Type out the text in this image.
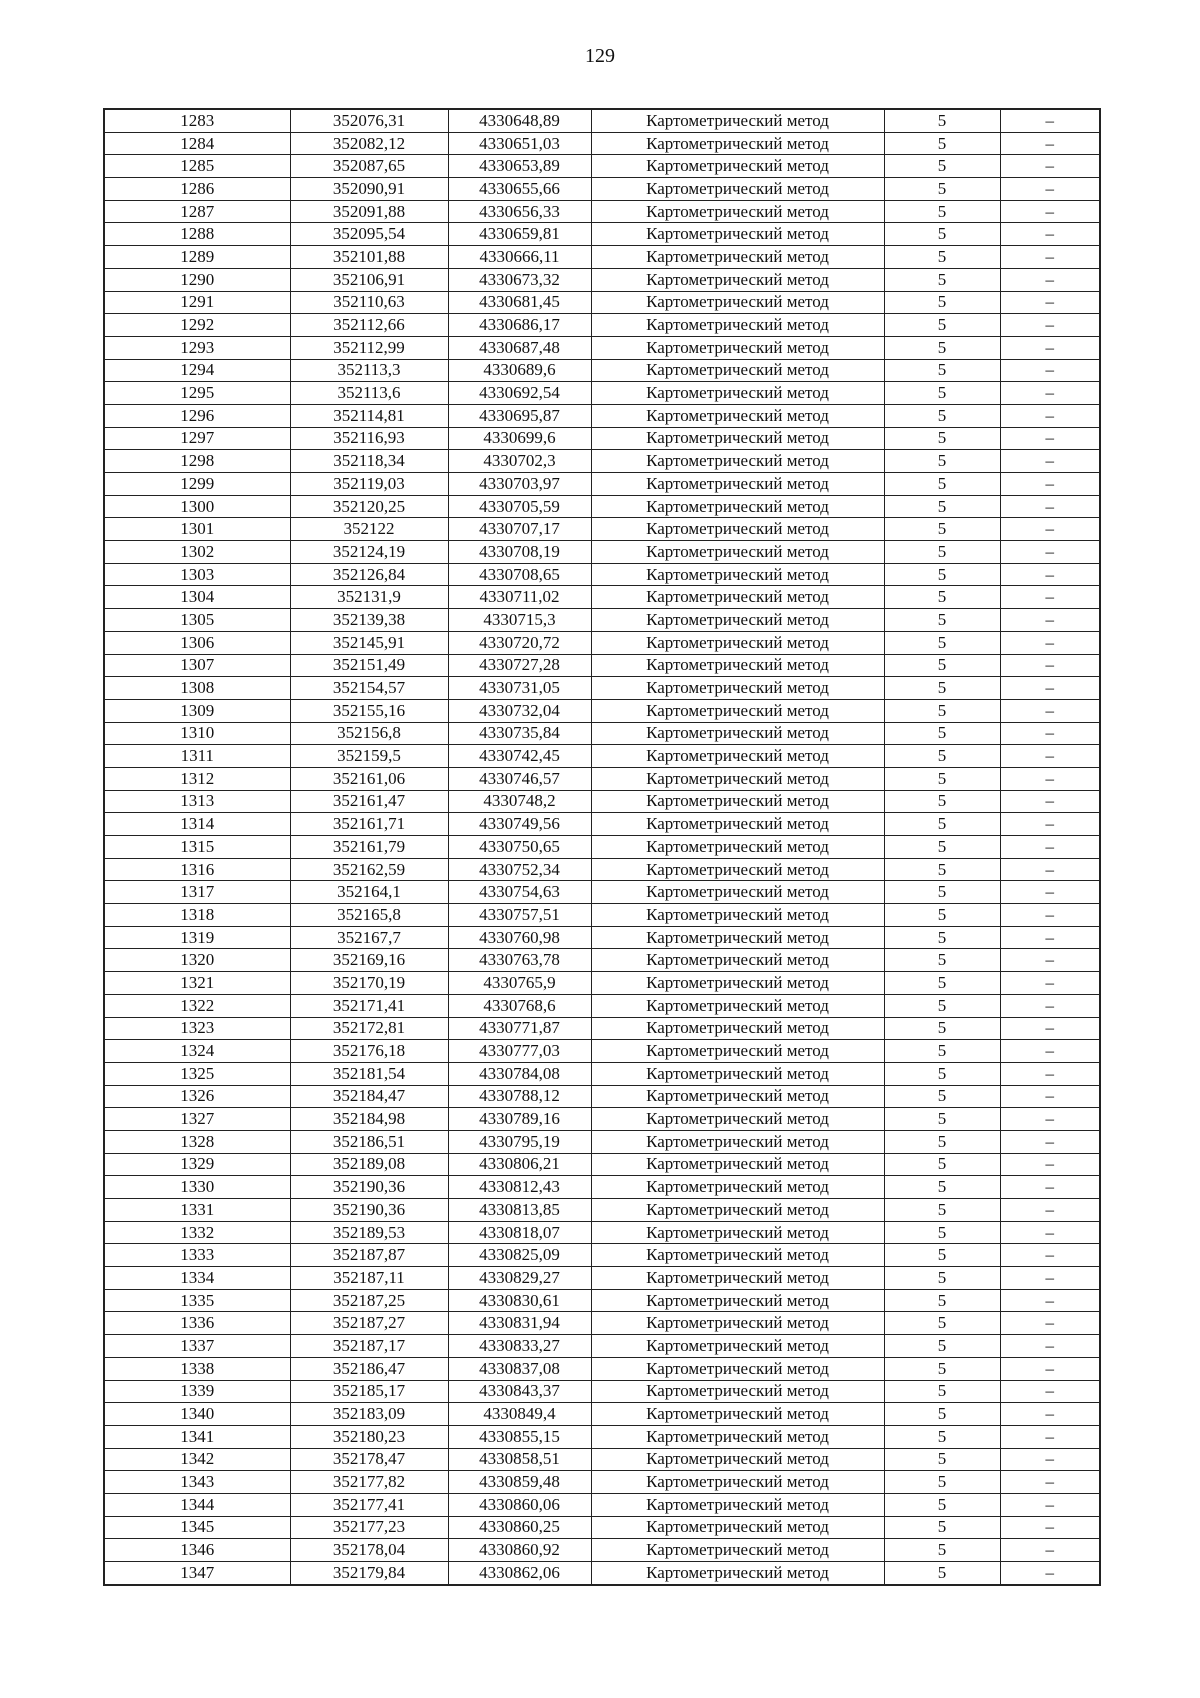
129
1283	352076,31	4330648,89	Картометрический метод	5	–
1284	352082,12	4330651,03	Картометрический метод	5	–
1285	352087,65	4330653,89	Картометрический метод	5	–
1286	352090,91	4330655,66	Картометрический метод	5	–
1287	352091,88	4330656,33	Картометрический метод	5	–
1288	352095,54	4330659,81	Картометрический метод	5	–
1289	352101,88	4330666,11	Картометрический метод	5	–
1290	352106,91	4330673,32	Картометрический метод	5	–
1291	352110,63	4330681,45	Картометрический метод	5	–
1292	352112,66	4330686,17	Картометрический метод	5	–
1293	352112,99	4330687,48	Картометрический метод	5	–
1294	352113,3	4330689,6	Картометрический метод	5	–
1295	352113,6	4330692,54	Картометрический метод	5	–
1296	352114,81	4330695,87	Картометрический метод	5	–
1297	352116,93	4330699,6	Картометрический метод	5	–
1298	352118,34	4330702,3	Картометрический метод	5	–
1299	352119,03	4330703,97	Картометрический метод	5	–
1300	352120,25	4330705,59	Картометрический метод	5	–
1301	352122	4330707,17	Картометрический метод	5	–
1302	352124,19	4330708,19	Картометрический метод	5	–
1303	352126,84	4330708,65	Картометрический метод	5	–
1304	352131,9	4330711,02	Картометрический метод	5	–
1305	352139,38	4330715,3	Картометрический метод	5	–
1306	352145,91	4330720,72	Картометрический метод	5	–
1307	352151,49	4330727,28	Картометрический метод	5	–
1308	352154,57	4330731,05	Картометрический метод	5	–
1309	352155,16	4330732,04	Картометрический метод	5	–
1310	352156,8	4330735,84	Картометрический метод	5	–
1311	352159,5	4330742,45	Картометрический метод	5	–
1312	352161,06	4330746,57	Картометрический метод	5	–
1313	352161,47	4330748,2	Картометрический метод	5	–
1314	352161,71	4330749,56	Картометрический метод	5	–
1315	352161,79	4330750,65	Картометрический метод	5	–
1316	352162,59	4330752,34	Картометрический метод	5	–
1317	352164,1	4330754,63	Картометрический метод	5	–
1318	352165,8	4330757,51	Картометрический метод	5	–
1319	352167,7	4330760,98	Картометрический метод	5	–
1320	352169,16	4330763,78	Картометрический метод	5	–
1321	352170,19	4330765,9	Картометрический метод	5	–
1322	352171,41	4330768,6	Картометрический метод	5	–
1323	352172,81	4330771,87	Картометрический метод	5	–
1324	352176,18	4330777,03	Картометрический метод	5	–
1325	352181,54	4330784,08	Картометрический метод	5	–
1326	352184,47	4330788,12	Картометрический метод	5	–
1327	352184,98	4330789,16	Картометрический метод	5	–
1328	352186,51	4330795,19	Картометрический метод	5	–
1329	352189,08	4330806,21	Картометрический метод	5	–
1330	352190,36	4330812,43	Картометрический метод	5	–
1331	352190,36	4330813,85	Картометрический метод	5	–
1332	352189,53	4330818,07	Картометрический метод	5	–
1333	352187,87	4330825,09	Картометрический метод	5	–
1334	352187,11	4330829,27	Картометрический метод	5	–
1335	352187,25	4330830,61	Картометрический метод	5	–
1336	352187,27	4330831,94	Картометрический метод	5	–
1337	352187,17	4330833,27	Картометрический метод	5	–
1338	352186,47	4330837,08	Картометрический метод	5	–
1339	352185,17	4330843,37	Картометрический метод	5	–
1340	352183,09	4330849,4	Картометрический метод	5	–
1341	352180,23	4330855,15	Картометрический метод	5	–
1342	352178,47	4330858,51	Картометрический метод	5	–
1343	352177,82	4330859,48	Картометрический метод	5	–
1344	352177,41	4330860,06	Картометрический метод	5	–
1345	352177,23	4330860,25	Картометрический метод	5	–
1346	352178,04	4330860,92	Картометрический метод	5	–
1347	352179,84	4330862,06	Картометрический метод	5	–
